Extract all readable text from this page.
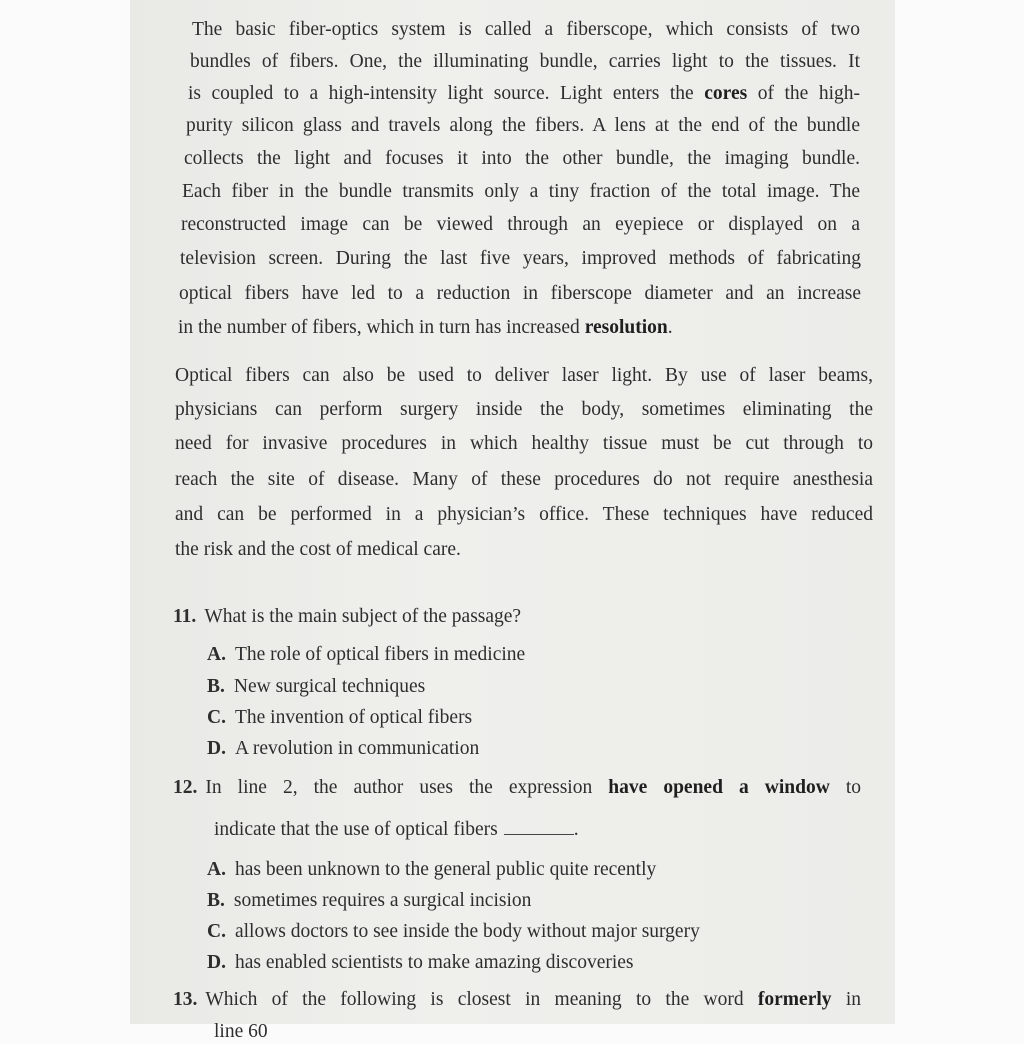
The basic fiber-optics system is called a fiberscope, which consists of two
bundles of fibers. One, the illuminating bundle, carries light to the tissues. It
is coupled to a high-intensity light source. Light enters the cores of the high-
purity silicon glass and travels along the fibers. A lens at the end of the bundle
collects the light and focuses it into the other bundle, the imaging bundle.
Each fiber in the bundle transmits only a tiny fraction of the total image. The
reconstructed image can be viewed through an eyepiece or displayed on a
television screen. During the last five years, improved methods of fabricating
optical fibers have led to a reduction in fiberscope diameter and an increase
in the number of fibers, which in turn has increased resolution.
Optical fibers can also be used to deliver laser light. By use of laser beams,
physicians can perform surgery inside the body, sometimes eliminating the
need for invasive procedures in which healthy tissue must be cut through to
reach the site of disease. Many of these procedures do not require anesthesia
and can be performed in a physician’s office. These techniques have reduced
the risk and the cost of medical care.
11. What is the main subject of the passage?
A. The role of optical fibers in medicine
B. New surgical techniques
C. The invention of optical fibers
D. A revolution in communication
12. In line 2, the author uses the expression have opened a window to
indicate that the use of optical fibers	.
A. has been unknown to the general public quite recently
B. sometimes requires a surgical incision
C. allows doctors to see inside the body without major surgery
D. has enabled scientists to make amazing discoveries
13. Which of the following is closest in meaning to the word formerly in
line 60
